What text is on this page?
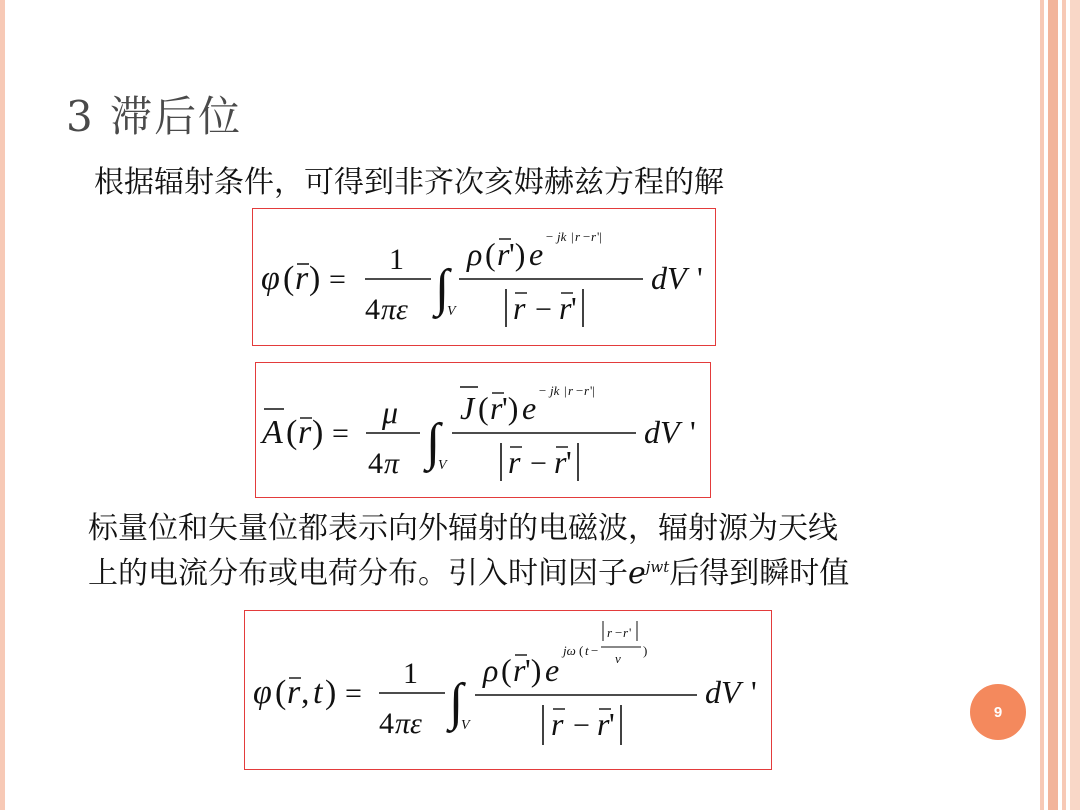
3 滞后位
根据辐射条件，可得到非齐次亥姆赫兹方程的解
φ ( r ) =
1
4 πε ∫
V
ρ ( r ') e − jk | r − r '|
r − r '
dV '
A ( r ) =
μ
4 π ∫
V
J ( r ') e − jk | r − r '|
r − r '
dV '
标量位和矢量位都表示向外辐射的电磁波，辐射源为天线
上的电流分布或电荷分布。引入时间因子$e^{jwt}$后得到瞬时值
φ ( r , t ) =
1
4 πε ∫
V
ρ ( r ') e
jω ( t −
r − r '
v
)
r − r '
dV '
9
